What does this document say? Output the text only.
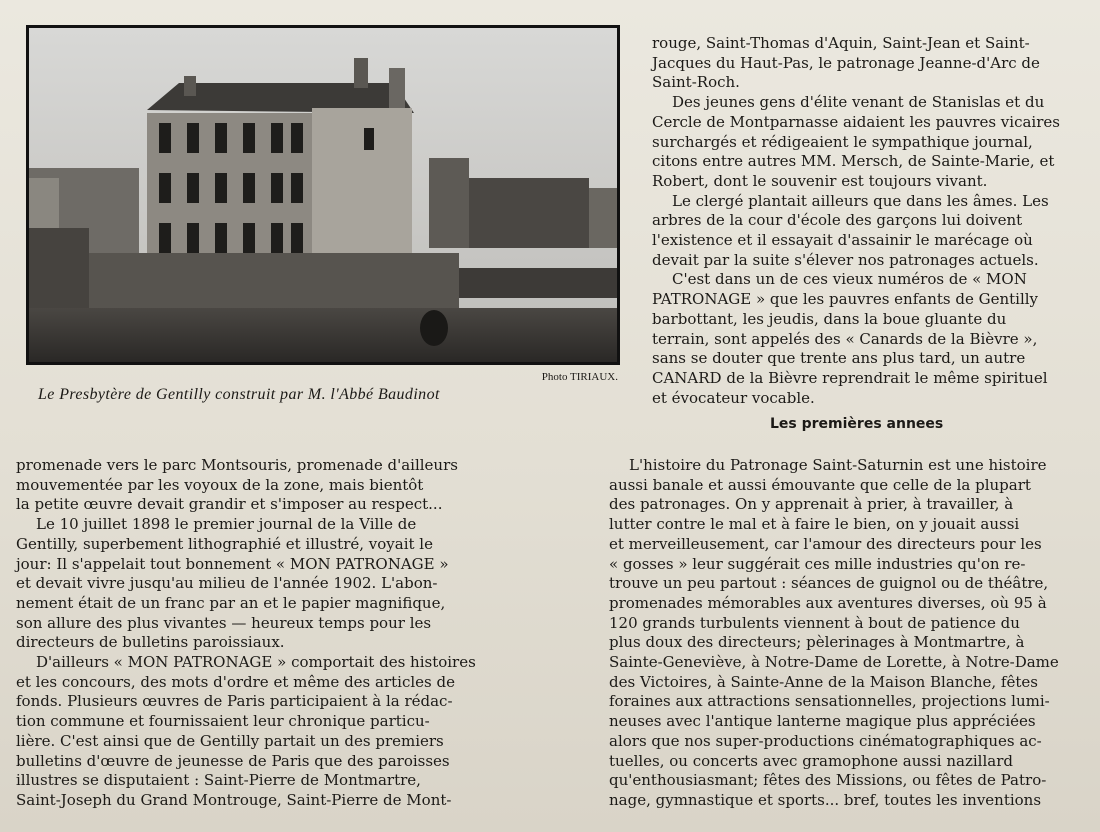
Photo TIRIAUX.
Le Presbytère de Gentilly construit par M. l'Abbé Baudinot
rouge, Saint-Thomas d'Aquin, Saint-Jean et Saint-
Jacques du Haut-Pas, le patronage Jeanne-d'Arc de
Saint-Roch.
Des jeunes gens d'élite venant de Stanislas et du
Cercle de Montparnasse aidaient les pauvres vicaires
surchargés et rédigeaient le sympathique journal,
citons entre autres MM. Mersch, de Sainte-Marie, et
Robert, dont le souvenir est toujours vivant.
Le clergé plantait ailleurs que dans les âmes. Les
arbres de la cour d'école des garçons lui doivent
l'existence et il essayait d'assainir le marécage où
devait par la suite s'élever nos patronages actuels.
C'est dans un de ces vieux numéros de « MON
PATRONAGE » que les pauvres enfants de Gentilly
barbottant, les jeudis, dans la boue gluante du
terrain, sont appelés des « Canards de la Bièvre »,
sans se douter que trente ans plus tard, un autre
CANARD de la Bièvre reprendrait le même spirituel
et évocateur vocable.
Les premières annees
promenade vers le parc Montsouris, promenade d'ailleurs
mouvementée par les voyoux de la zone, mais bientôt
la petite œuvre devait grandir et s'imposer au respect...
Le 10 juillet 1898 le premier journal de la Ville de
Gentilly, superbement lithographié et illustré, voyait le
jour: Il s'appelait tout bonnement « MON PATRONAGE »
et devait vivre jusqu'au milieu de l'année 1902. L'abon-
nement était de un franc par an et le papier magnifique,
son allure des plus vivantes — heureux temps pour les
directeurs de bulletins paroissiaux.
D'ailleurs « MON PATRONAGE » comportait des histoires
et les concours, des mots d'ordre et même des articles de
fonds. Plusieurs œuvres de Paris participaient à la rédac-
tion commune et fournissaient leur chronique particu-
lière. C'est ainsi que de Gentilly partait un des premiers
bulletins d'œuvre de jeunesse de Paris que des paroisses
illustres se disputaient : Saint-Pierre de Montmartre,
Saint-Joseph du Grand Montrouge, Saint-Pierre de Mont-
L'histoire du Patronage Saint-Saturnin est une histoire
aussi banale et aussi émouvante que celle de la plupart
des patronages. On y apprenait à prier, à travailler, à
lutter contre le mal et à faire le bien, on y jouait aussi
et merveilleusement, car l'amour des directeurs pour les
« gosses » leur suggérait ces mille industries qu'on re-
trouve un peu partout : séances de guignol ou de théâtre,
promenades mémorables aux aventures diverses, où 95 à
120 grands turbulents viennent à bout de patience du
plus doux des directeurs; pèlerinages à Montmartre, à
Sainte-Geneviève, à Notre-Dame de Lorette, à Notre-Dame
des Victoires, à Sainte-Anne de la Maison Blanche, fêtes
foraines aux attractions sensationnelles, projections lumi-
neuses avec l'antique lanterne magique plus appréciées
alors que nos super-productions cinématographiques ac-
tuelles, ou concerts avec gramophone aussi nazillard
qu'enthousiasmant; fêtes des Missions, ou fêtes de Patro-
nage, gymnastique et sports... bref, toutes les inventions
